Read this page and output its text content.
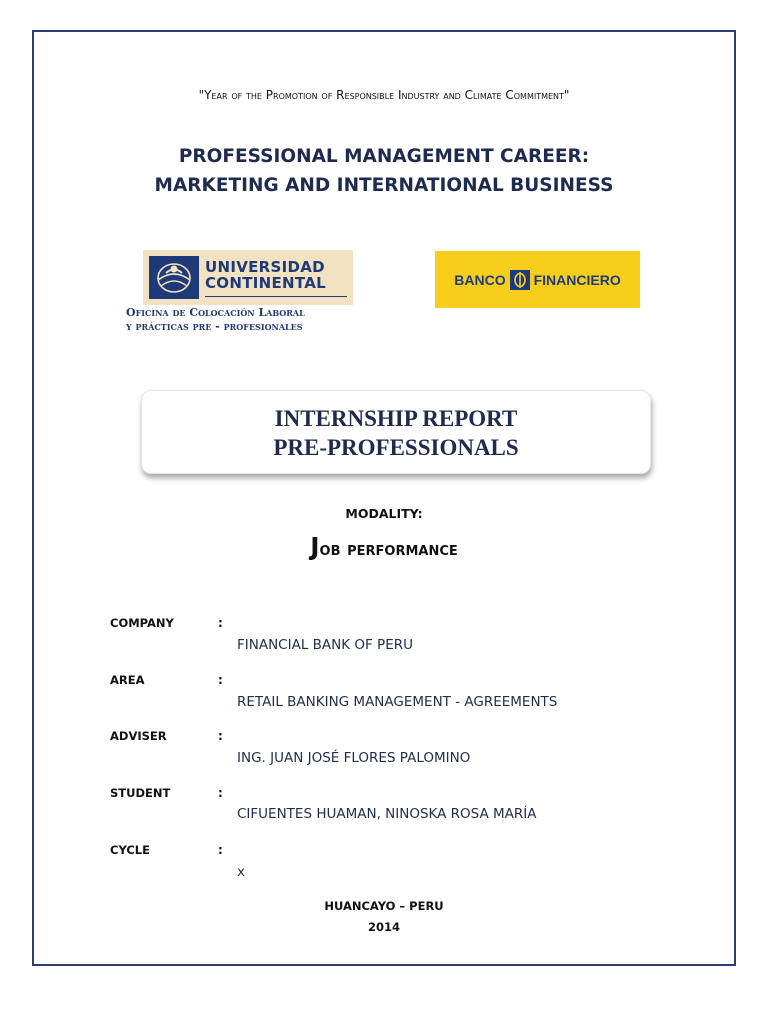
"Year of the Promotion of Responsible Industry and Climate Commitment"
PROFESSIONAL MANAGEMENT CAREER:
MARKETING AND INTERNATIONAL BUSINESS
UNIVERSIDAD
CONTINENTAL
Oficina de Colocación Laboral
y prácticas pre - profesionales
BANCO FINANCIERO
INTERNSHIP REPORT
PRE-PROFESSIONALS
MODALITY:
Job performance
COMPANY	:
FINANCIAL BANK OF PERU
AREA	:
RETAIL BANKING MANAGEMENT - AGREEMENTS
ADVISER	:
ING. JUAN JOSÉ FLORES PALOMINO
STUDENT	:
CIFUENTES HUAMAN, NINOSKA ROSA MARÍA
CYCLE	:
x
HUANCAYO – PERU
2014
